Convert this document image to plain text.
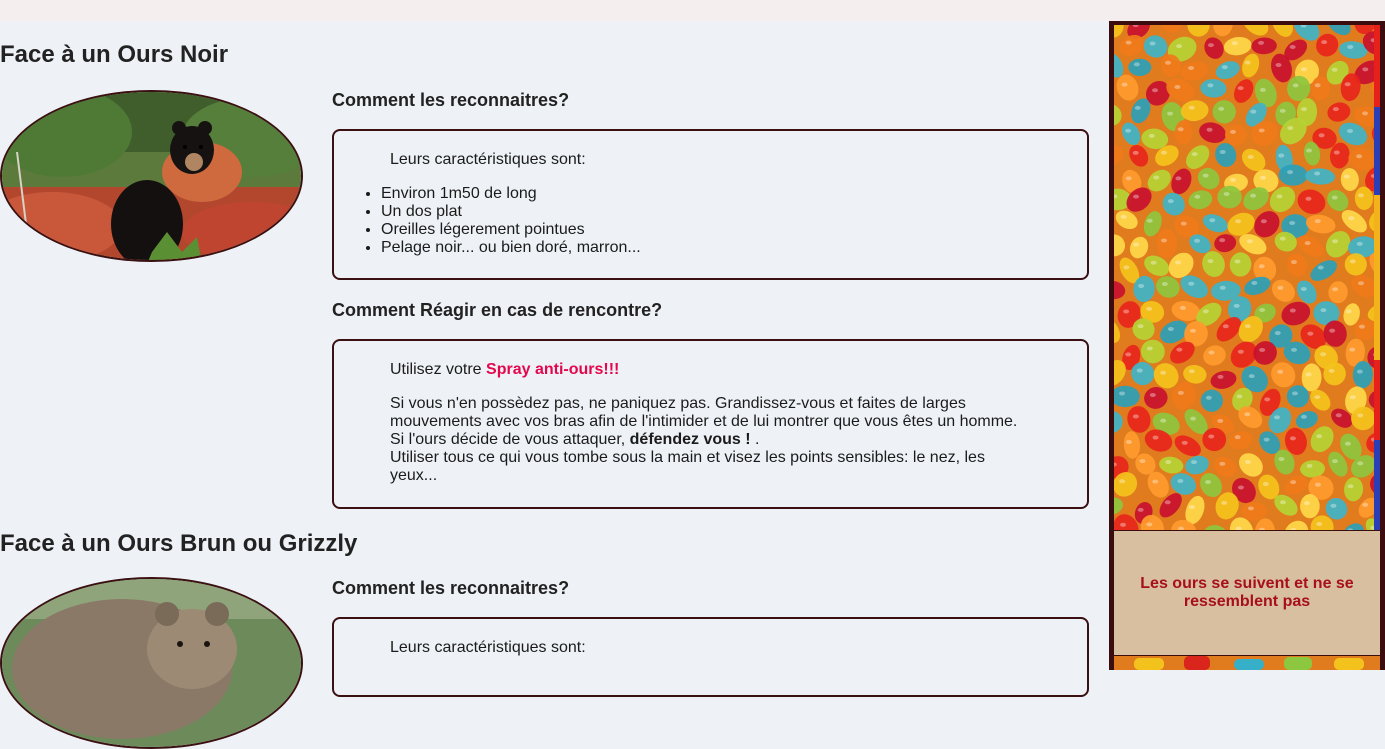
Face à un Ours Noir
Comment les reconnaitres?

Leurs caractéristiques sont:

• Environ 1m50 de long
• Un dos plat
• Oreilles légerement pointues
• Pelage noir... ou bien doré, marron...
Comment Réagir en cas de rencontre?

Utilisez votre Spray anti-ours!!!

Si vous n'en possèdez pas, ne paniquez pas. Grandissez-vous et faites de larges mouvements avec vos bras afin de l'intimider et de lui montrer que vous êtes un homme.

Si l'ours décide de vous attaquer, défendez vous ! .

Utiliser tous ce qui vous tombe sous la main et visez les points sensibles: le nez, les yeux...

Face à un Ours Brun ou Grizzly
Comment les reconnaitres?

Leurs caractéristiques sont:

Les ours se suivent et ne se ressemblent pas
